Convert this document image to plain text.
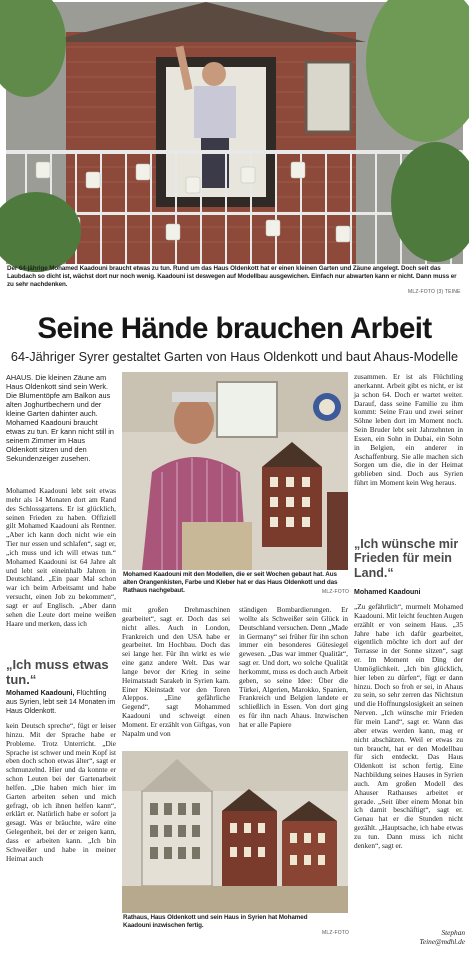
Der 64-jährige Mohamed Kaadouni braucht etwas zu tun. Rund um das Haus Oldenkott hat er einen kleinen Garten und Zäune angelegt. Doch seit das Laubdach so dicht ist, wächst dort nur noch wenig. Kaadouni ist deswegen auf Modellbau ausgewichen. Einfach nur abwarten kann er nicht. Dann muss er zu sehr nachdenken.
MLZ-FOTO (3) TEINE
Seine Hände brauchen Arbeit
64-Jähriger Syrer gestaltet Garten von Haus Oldenkott und baut Ahaus-Modelle
AHAUS. Die kleinen Zäune am Haus Oldenkott sind sein Werk. Die Blumentöpfe am Balkon aus alten Joghurtbechern und der kleine Garten dahinter auch. Mohamed Kaadouni braucht etwas zu tun. Er kann nicht still in seinem Zimmer im Haus Oldenkott sitzen und den Sekundenzeiger zusehen.
Mohamed Kaadouni lebt seit etwas mehr als 14 Monaten dort am Rand des Schlossgartens. Er ist glücklich, seinen Frieden zu haben. Offiziell gilt Mohamed Kaadouni als Rentner. „Aber ich kann doch nicht wie ein Tier nur essen und schlafen“, sagt er, „ich muss und ich will etwas tun.“ Mohamed Kaadouni ist 64 Jahre alt und lebt seit eineinhalb Jahren in Deutschland. „Ein paar Mal schon war ich beim Arbeitsamt und habe versucht, einen Job zu bekommen“, sagt er auf Englisch. „Aber dann sehen die Leute dort meine weißen Haare und merken, dass ich
„Ich muss etwas tun.“
Mohamed Kaadouni, Flüchtling aus Syrien, lebt seit 14 Monaten im Haus Oldenkott.
kein Deutsch spreche“, fügt er leiser hinzu. Mit der Sprache habe er Probleme. Trotz Unterricht. „Die Sprache ist schwer und mein Kopf ist eben doch schon etwas älter“, sagt er schmunzelnd. Hier und da konnte er schon Leuten bei der Gartenarbeit helfen. „Die haben mich hier im Garten arbeiten sehen und mich gefragt, ob ich ihnen helfen kann“, erklärt er. Natürlich habe er sofort ja gesagt. Was er bräuchte, wäre eine Gelegenheit, bei der er zeigen kann, dass er arbeiten kann. „Ich bin Schweißer und habe in meiner Heimat auch
Mohamed Kaadouni mit den Modellen, die er seit Wochen gebaut hat. Aus alten Orangenkisten, Farbe und Kleber hat er das Haus Oldenkott und das Rathaus nachgebaut.	MLZ-FOTO
mit großen Drehmaschinen gearbeitet“, sagt er. Doch das sei nicht alles. Auch in London, Frankreich und den USA habe er gearbeitet. Im Hochbau. Doch das sei lange her. Für ihn wirkt es wie eine ganz andere Welt. Das war lange bevor der Krieg in seine Heimatstadt Sarakeb in Syrien kam. Einer Kleinstadt vor den Toren Aleppos. „Eine gefährliche Gegend“, sagt Mohammed Kaadouni und schweigt einen Moment. Er erzählt von Giftgas, von Napalm und von
ständigen Bombardierungen. Er wollte als Schweißer sein Glück in Deutschland versuchen. Denn „Made in Germany“ sei früher für ihn schon immer ein besonderes Gütesiegel gewesen. „Das war immer Qualität“, sagt er. Und dort, wo solche Qualität herkommt, muss es doch auch Arbeit geben, so seine Idee: Über die Türkei, Algerien, Marokko, Spanien, Frankreich und Belgien landete er schließlich in Essen. Von dort ging es für ihn nach Ahaus. Inzwischen hat er alle Papiere
Rathaus, Haus Oldenkott und sein Haus in Syrien hat Mohamed Kaadouni inzwischen fertig.
MLZ-FOTO
zusammen. Er ist als Flüchtling anerkannt. Arbeit gibt es nicht, er ist ja schon 64. Doch er wartet weiter. Darauf, dass seine Familie zu ihm kommt: Seine Frau und zwei seiner Söhne leben dort im Moment noch. Sein Bruder lebt seit Jahrzehnten in Essen, ein Sohn in Dubai, ein Sohn in Belgien, ein anderer in Aschaffenburg. Sie alle machen sich Sorgen um die, die in der Heimat geblieben sind. Doch aus Syrien führt im Moment kein Weg heraus.
„Ich wünsche mir Frieden für mein Land.“
Mohamed Kaadouni
„Zu gefährlich“, murmelt Mohamed Kaadouni. Mit leicht feuchten Augen erzählt er von seinem Haus. „35 Jahre habe ich dafür gearbeitet, eigentlich möchte ich dort auf der Terrasse in der Sonne sitzen“, sagt er. Im Moment ein Ding der Unmöglichkeit. „Ich bin glücklich, hier leben zu dürfen“, fügt er dann hinzu. Doch so froh er sei, in Ahaus zu sein, so sehr zerren das Nichtstun und die Hoffnungslosigkeit an seinen Nerven. „Ich wünsche mir Frieden für mein Land“, sagt er. Wann das aber etwas werden kann, mag er nicht abschätzen. Weil er etwas zu tun braucht, hat er den Modellbau für sich entdeckt. Das Haus Oldenkott ist schon fertig. Eine Nachbildung seines Hauses in Syrien auch. Am großen Modell des Ahauser Rathauses arbeitet er gerade. „Seit über einem Monat bin ich damit beschäftigt“, sagt er. Genau hat er die Stunden nicht gezählt. „Hauptsache, ich habe etwas zu tun. Dann muss ich nicht denken“, sagt er.
Stephan Teine@mdhl.de
